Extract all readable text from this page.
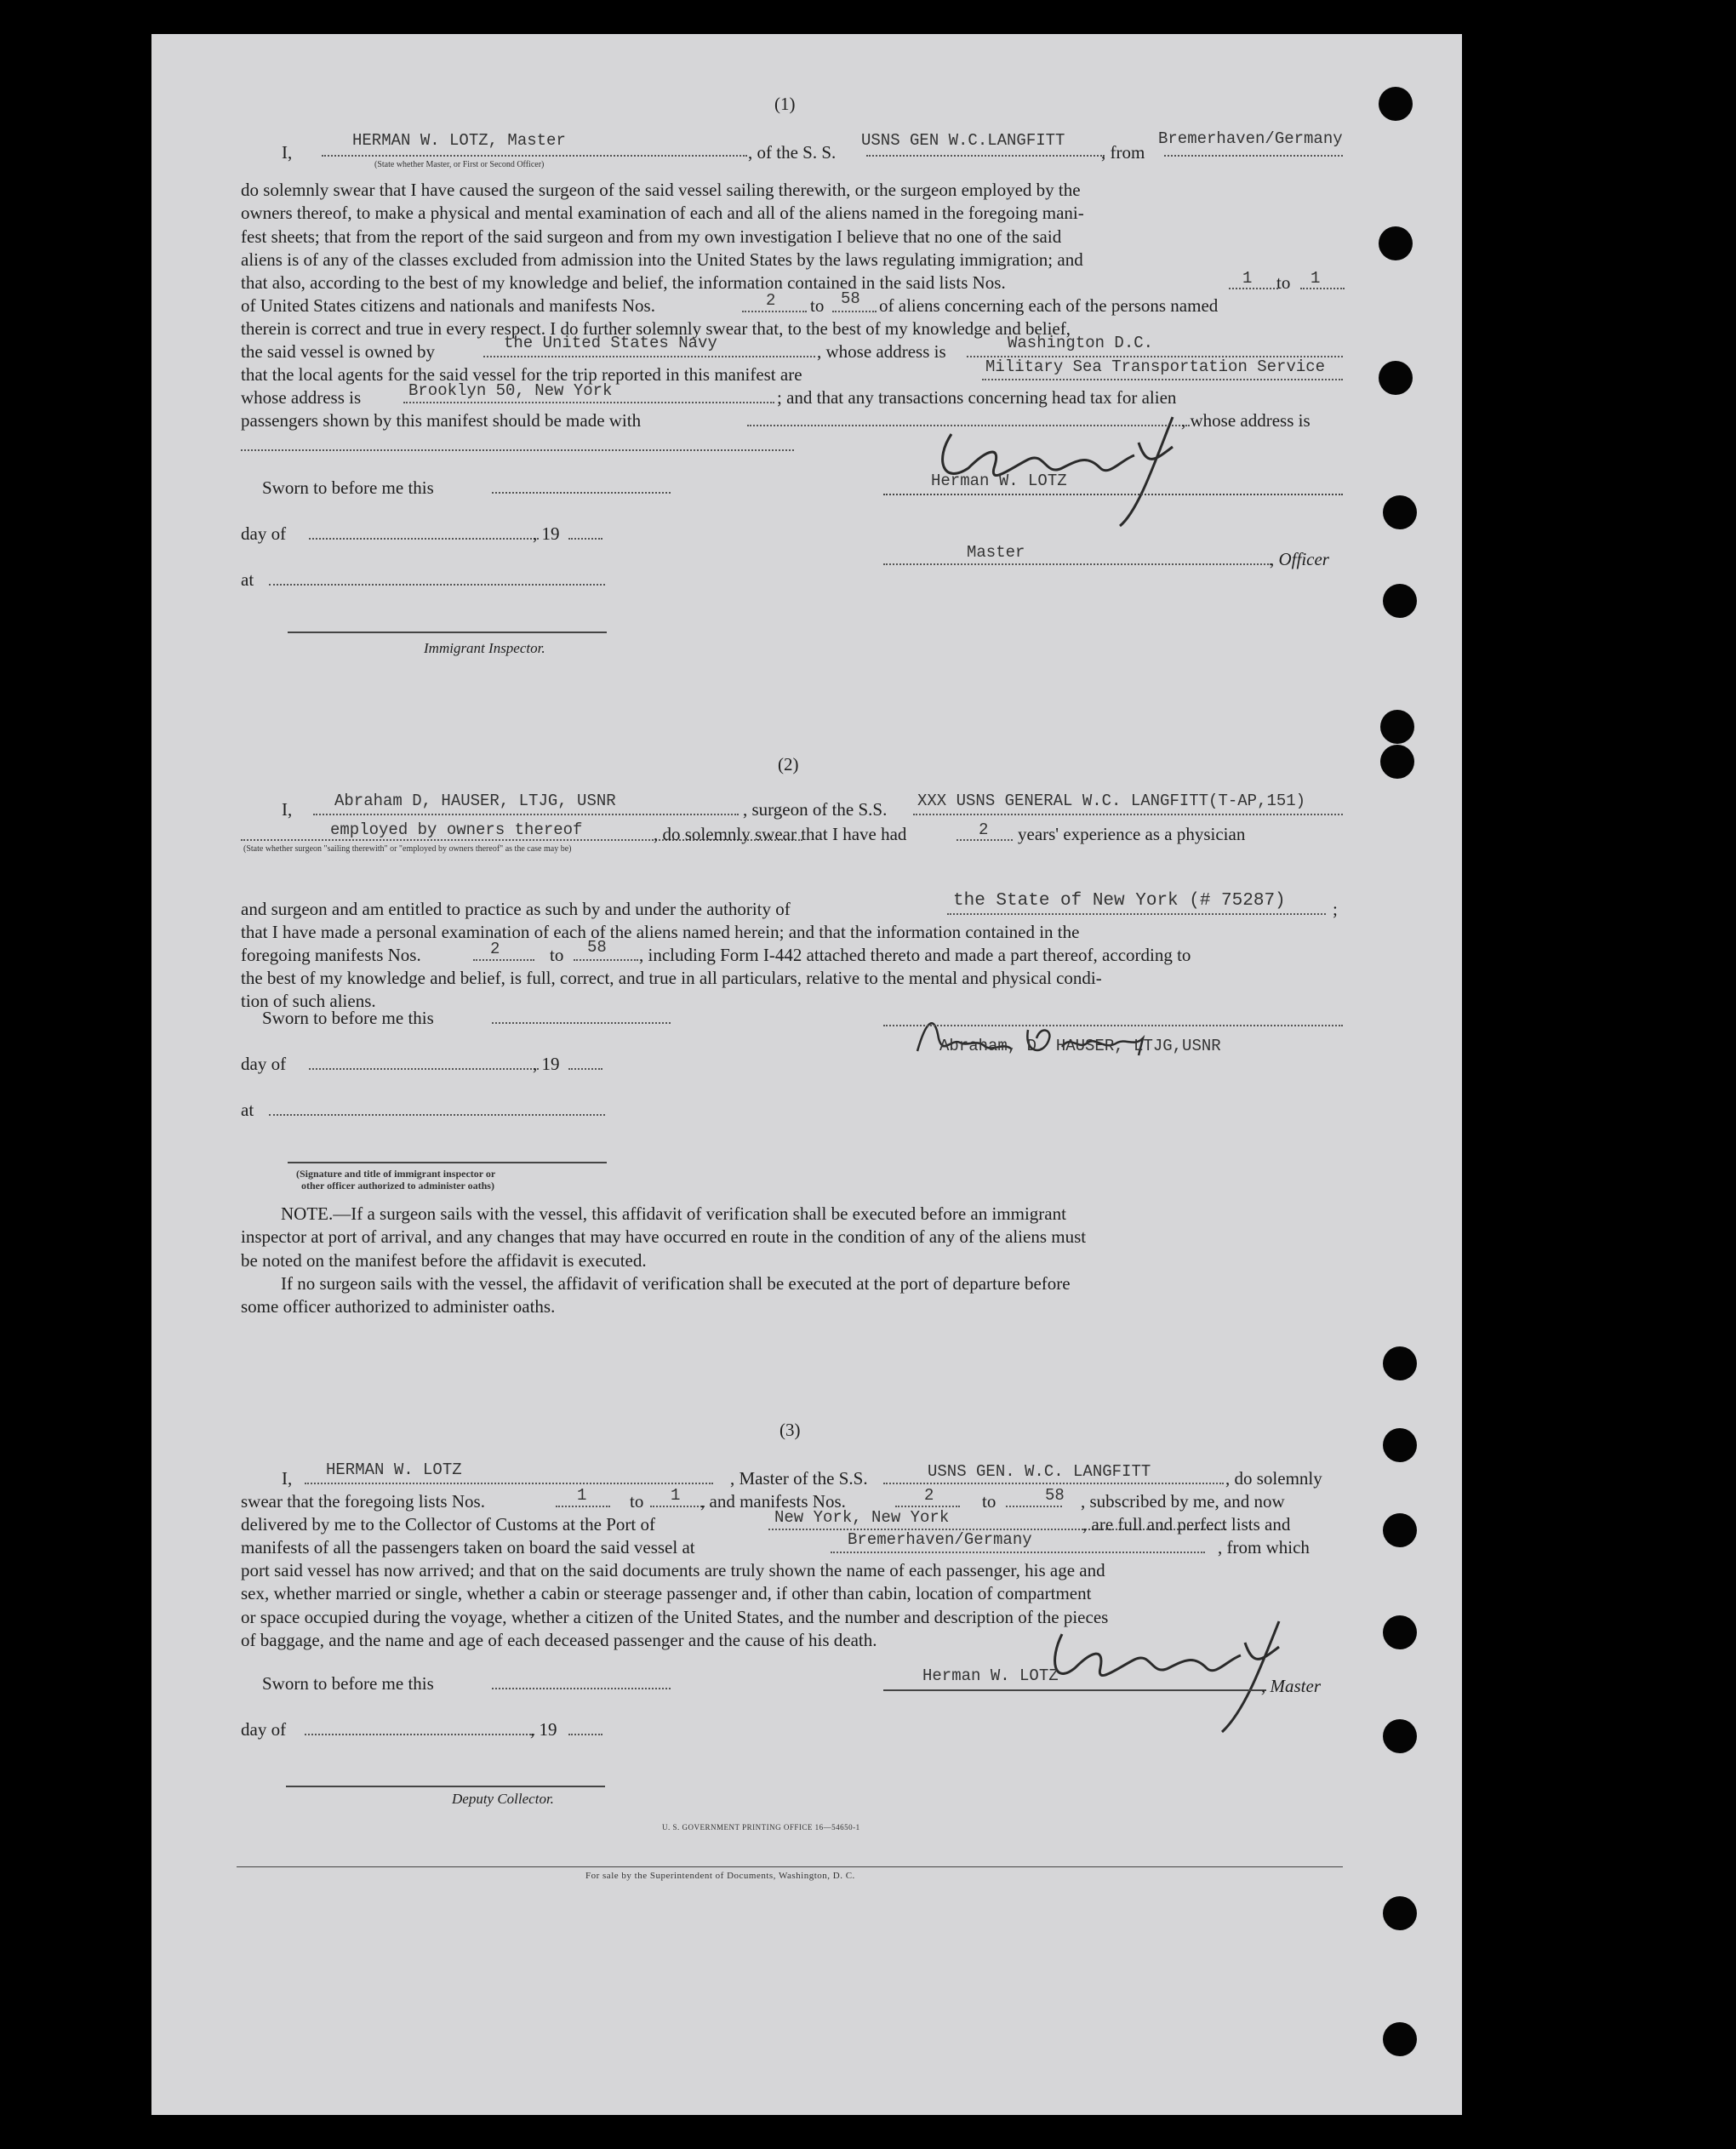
(1)
I,
HERMAN W. LOTZ, Master
(State whether Master, or First or Second Officer)
, of the S. S.
USNS GEN W.C.LANGFITT
, from
Bremerhaven/Germany
do solemnly swear that I have caused the surgeon of the said vessel sailing therewith, or the surgeon employed by the
owners thereof, to make a physical and mental examination of each and all of the aliens named in the foregoing mani-
fest sheets; that from the report of the said surgeon and from my own investigation I believe that no one of the said
aliens is of any of the classes excluded from admission into the United States by the laws regulating immigration; and
that also, according to the best of my knowledge and belief, the information contained in the said lists Nos.	1 to 1
of United States citizens and nationals and manifests Nos.	2 to 58 of aliens concerning each of the persons named
therein is correct and true in every respect. I do further solemnly swear that, to the best of my knowledge and belief,
the said vessel is owned by	the United States Navy	, whose address is	Washington D.C.
that the local agents for the said vessel for the trip reported in this manifest are	Military Sea Transportation Service
whose address is	Brooklyn 50, New York	; and that any transactions concerning head tax for alien
passengers shown by this manifest should be made with	, whose address is
Sworn to before me this	Herman W. LOTZ
day of	, 19
Master	, Officer
at
Immigrant Inspector.
(2)
I,	Abraham D, HAUSER, LTJG, USNR	, surgeon of the S.S. XXX USNS GENERAL W.C. LANGFITT(T-AP,151)
employed by owners thereof	, do solemnly swear that I have had	2 years' experience as a physician
(State whether surgeon "sailing therewith" or "employed by owners thereof" as the case may be)
and surgeon and am entitled to practice as such by and under the authority of	the State of New York (# 75287)	;
that I have made a personal examination of each of the aliens named herein; and that the information contained in the
foregoing manifests Nos.	2	to 58 , including Form I-442 attached thereto and made a part thereof, according to
the best of my knowledge and belief, is full, correct, and true in all particulars, relative to the mental and physical condi-
tion of such aliens.
Sworn to before me this
Abraham, D. HAUSER, LTJG,USNR
day of	, 19
at
(Signature and title of immigrant inspector or
other officer authorized to administer oaths)
NOTE.—If a surgeon sails with the vessel, this affidavit of verification shall be executed before an immigrant
inspector at port of arrival, and any changes that may have occurred en route in the condition of any of the aliens must
be noted on the manifest before the affidavit is executed.
If no surgeon sails with the vessel, the affidavit of verification shall be executed at the port of departure before
some officer authorized to administer oaths.
(3)
I, HERMAN W. LOTZ	, Master of the S.S.	USNS GEN. W.C. LANGFITT	, do solemnly
swear that the foregoing lists Nos.	1 to 1 , and manifests Nos.	2	to	58 , subscribed by me, and now
delivered by me to the Collector of Customs at the Port of	New York, New York	, are full and perfect lists and
manifests of all the passengers taken on board the said vessel at	Bremerhaven/Germany	, from which
port said vessel has now arrived; and that on the said documents are truly shown the name of each passenger, his age and
sex, whether married or single, whether a cabin or steerage passenger and, if other than cabin, location of compartment
or space occupied during the voyage, whether a citizen of the United States, and the number and description of the pieces
of baggage, and the name and age of each deceased passenger and the cause of his death.
Sworn to before me this	Herman W. LOTZ	, Master
day of	, 19
Deputy Collector.
U. S. GOVERNMENT PRINTING OFFICE 16—54650-1
For sale by the Superintendent of Documents, Washington, D. C.
